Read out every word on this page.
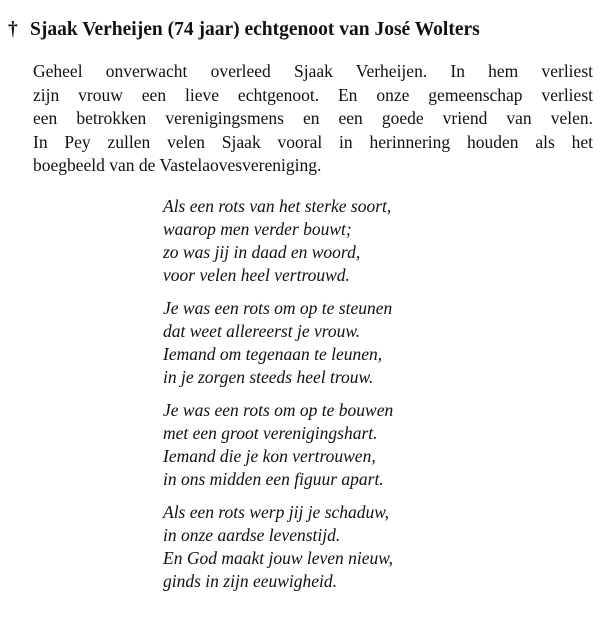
† Sjaak Verheijen (74 jaar) echtgenoot van José Wolters
Geheel onverwacht overleed Sjaak Verheijen. In hem verliest
zijn vrouw een lieve echtgenoot. En onze gemeenschap verliest
een betrokken verenigingsmens en een goede vriend van velen.
In Pey zullen velen Sjaak vooral in herinnering houden als het
boegbeeld van de Vastelaovesvereniging.
Als een rots van het sterke soort,
waarop men verder bouwt;
zo was jij in daad en woord,
voor velen heel vertrouwd.
Je was een rots om op te steunen
dat weet allereerst je vrouw.
Iemand om tegenaan te leunen,
in je zorgen steeds heel trouw.
Je was een rots om op te bouwen
met een groot verenigingshart.
Iemand die je kon vertrouwen,
in ons midden een figuur apart.
Als een rots werp jij je schaduw,
in onze aardse levenstijd.
En God maakt jouw leven nieuw,
ginds in zijn eeuwigheid.
